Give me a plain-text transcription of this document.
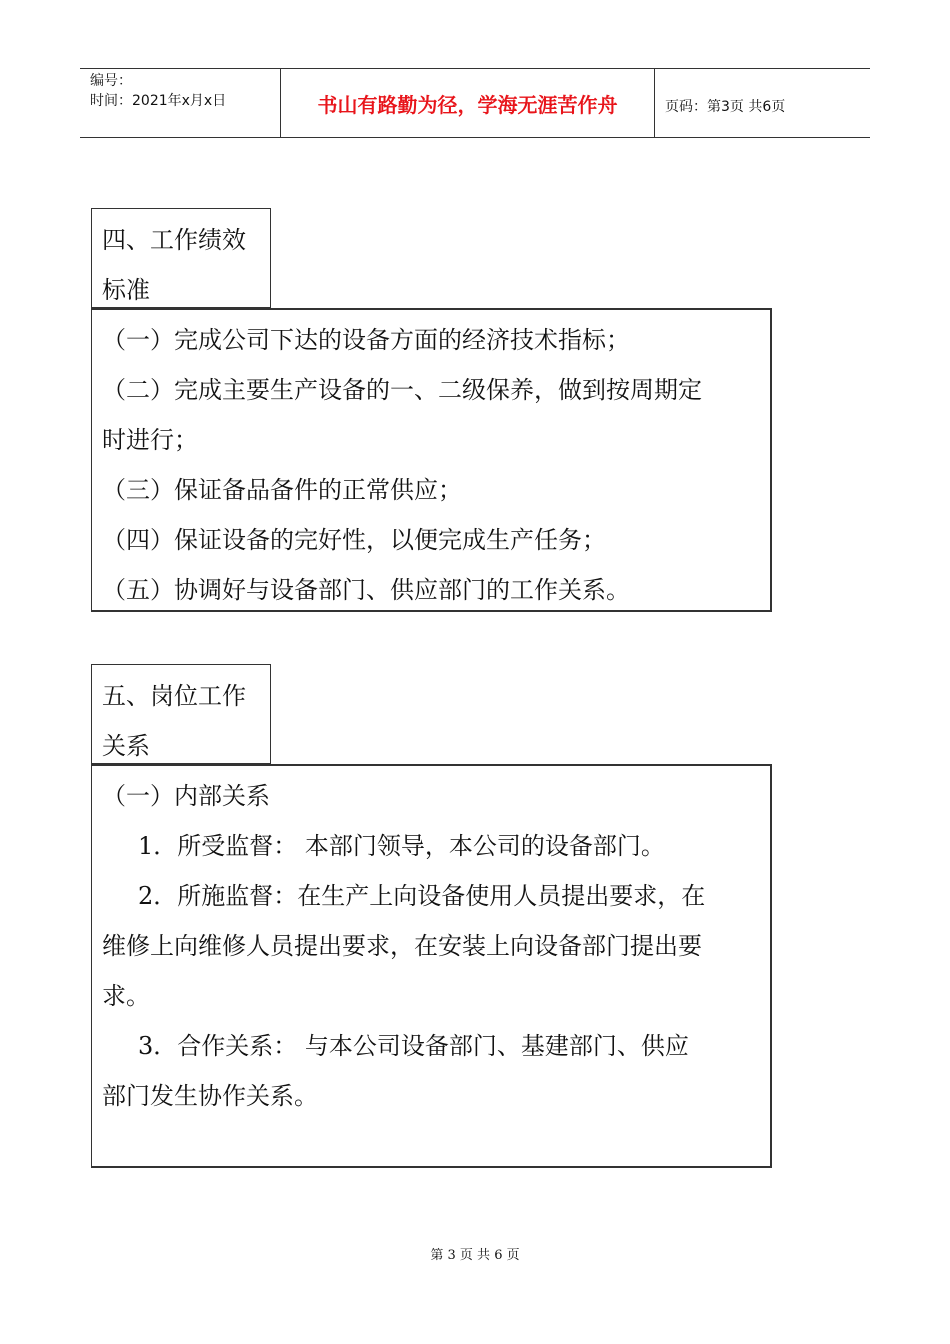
编号：
时间：2021年x月x日	书山有路勤为径，学海无涯苦作舟	页码：第3页 共6页
四、工作绩效
标准

（一）完成公司下达的设备方面的经济技术指标；

（二）完成主要生产设备的一、二级保养，做到按周期定

时进行；

（三）保证备品备件的正常供应；

（四）保证设备的完好性，以便完成生产任务；

（五）协调好与设备部门、供应部门的工作关系。

五、岗位工作
关系

（一）内部关系

1．所受监督： 本部门领导，本公司的设备部门。

2．所施监督：在生产上向设备使用人员提出要求，在

维修上向维修人员提出要求，在安装上向设备部门提出要

求。

3．合作关系： 与本公司设备部门、基建部门、供应

部门发生协作关系。

第 3 页 共 6 页
